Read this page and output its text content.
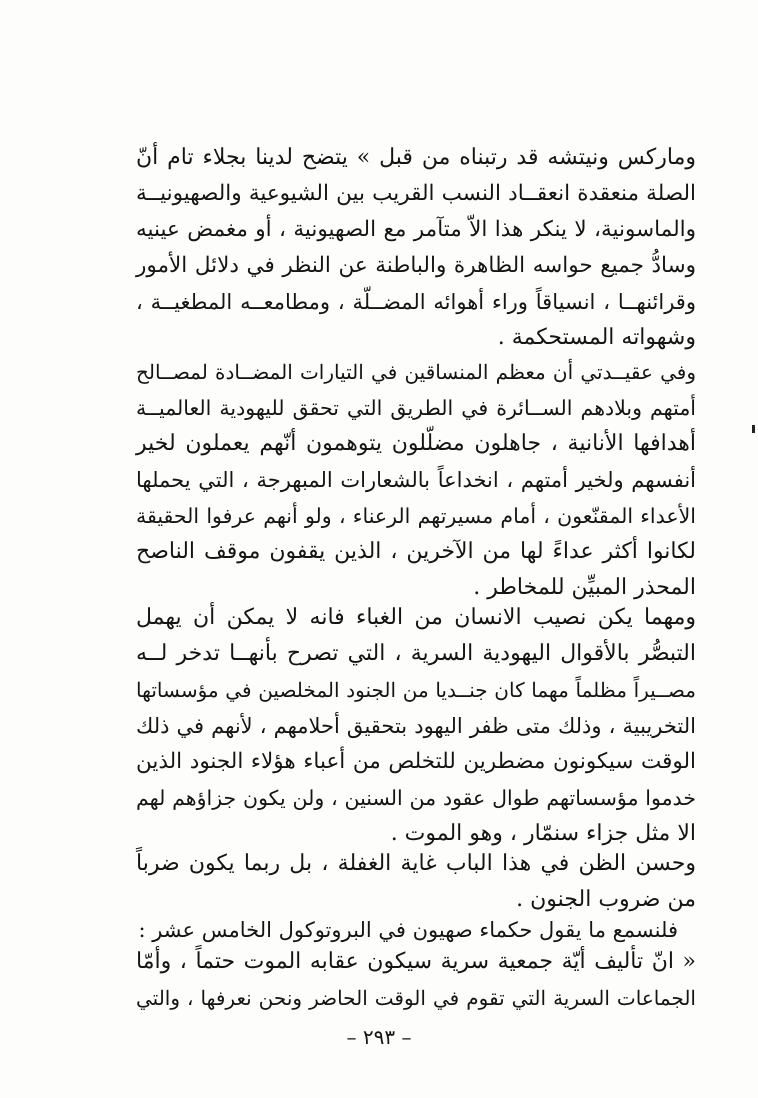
وماركس ونيتشه قد رتبناه من قبل » يتضح لدينا بجلاء تام أنّ
الصلة منعقدة انعقــاد النسب القريب بين الشيوعية والصهيونيــة
والماسونية، لا ينكر هذا الاّ متآمر مع الصهيونية ، أو مغمض عينيه
وسادُّ جميع حواسه الظاهرة والباطنة عن النظر في دلائل الأمور
وقرائنهــا ، انسياقاً وراء أهوائه المضــلّة ، ومطامعــه المطغيــة ،
وشهواته المستحكمة .
وفي عقيــدتي أن معظم المنساقين في التيارات المضــادة لمصــالح
أمتهم وبلادهم الســائرة في الطريق التي تحقق لليهودية العالميــة
أهدافها الأنانية ، جاهلون مضلّلون يتوهمون أنّهم يعملون لخير
أنفسهم ولخير أمتهم ، انخداعاً بالشعارات المبهرجة ، التي يحملها
الأعداء المقنّعون ، أمام مسيرتهم الرعناء ، ولو أنهم عرفوا الحقيقة
لكانوا أكثر عداءً لها من الآخرين ، الذين يقفون موقف الناصح
المحذر المبيِّن للمخاطر .
ومهما يكن نصيب الانسان من الغباء فانه لا يمكن أن يهمل
التبصُّر بالأقوال اليهودية السرية ، التي تصرح بأنهــا تدخر لــه
مصــيراً مظلماً مهما كان جنــديا من الجنود المخلصين في مؤسساتها
التخريبية ، وذلك متى ظفر اليهود بتحقيق أحلامهم ، لأنهم في ذلك
الوقت سيكونون مضطرين للتخلص من أعباء هؤلاء الجنود الذين
خدموا مؤسساتهم طوال عقود من السنين ، ولن يكون جزاؤهم لهم
الا مثل جزاء سنمّار ، وهو الموت .
وحسن الظن في هذا الباب غاية الغفلة ، بل ربما يكون ضرباً
من ضروب الجنون .
فلنسمع ما يقول حكماء صهيون في البروتوكول الخامس عشر :
« انّ تأليف أيّة جمعية سرية سيكون عقابه الموت حتماً ، وأمّا
الجماعات السرية التي تقوم في الوقت الحاضر ونحن نعرفها ، والتي
– ٢٩٣ –
